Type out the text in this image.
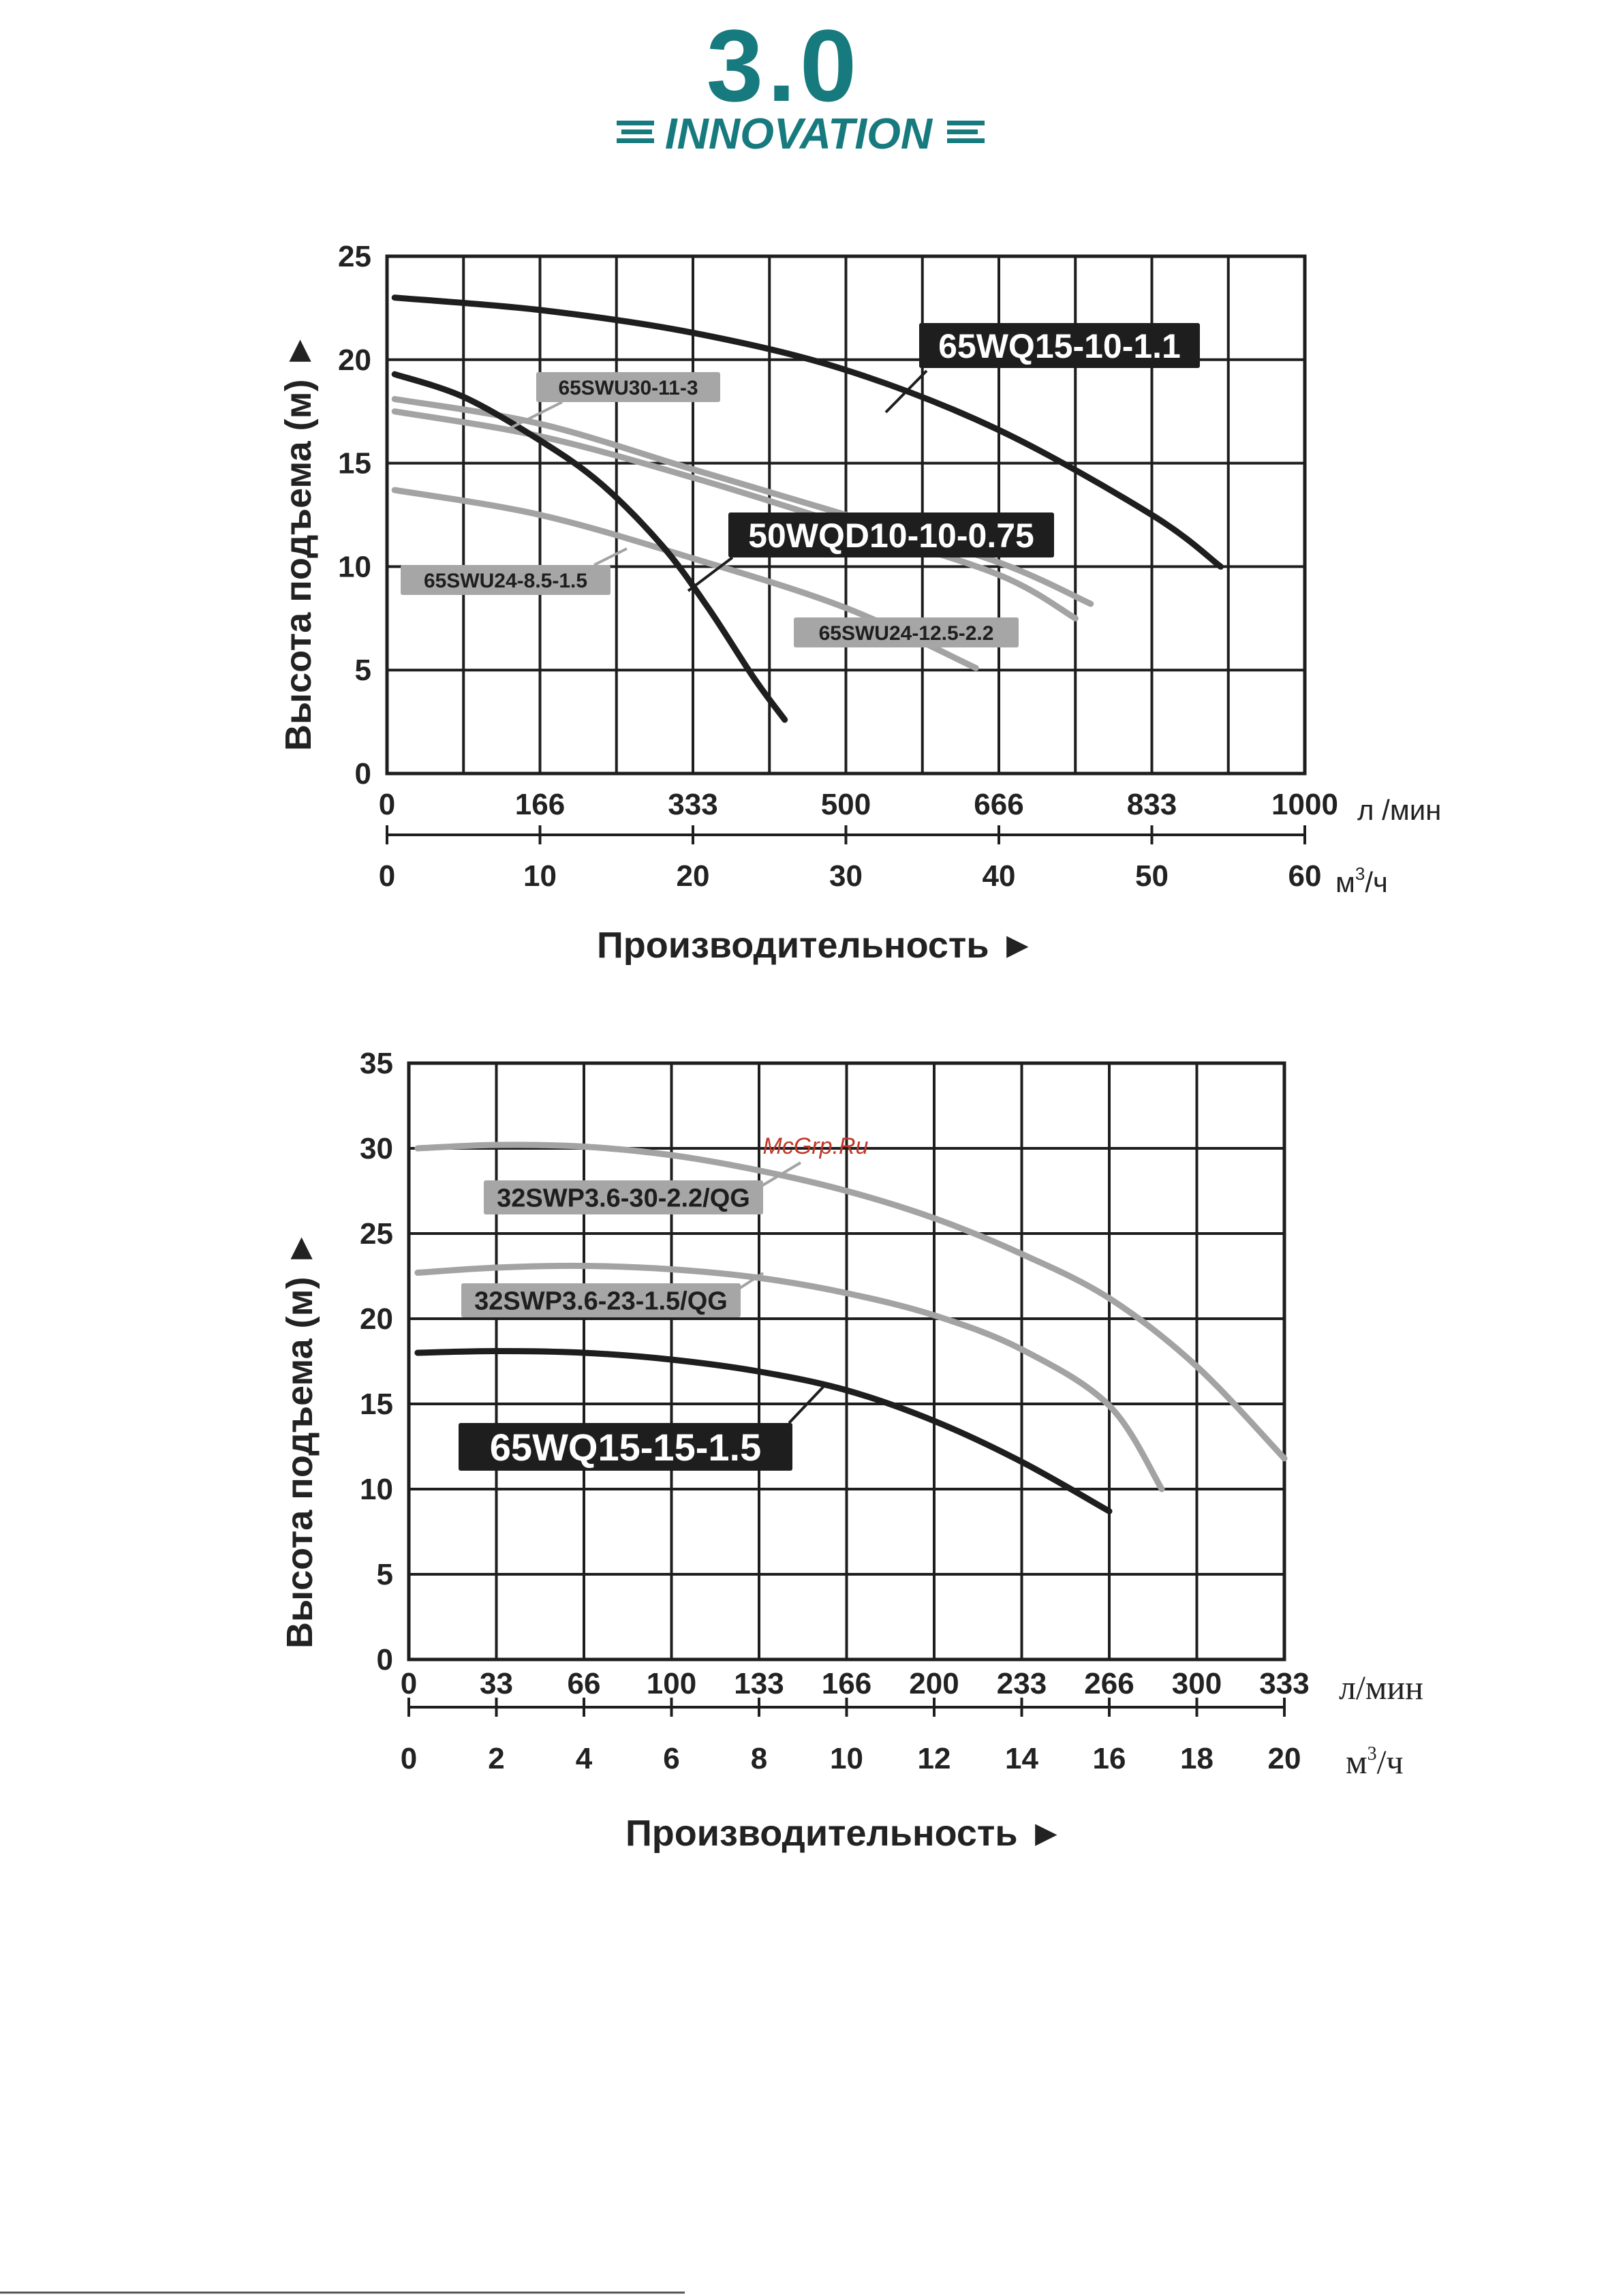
3.0
INNOVATION
65WQ15-10-1.1
50WQD10-10-0.75
65SWU30-11-3
65SWU24-12.5-2.2
65SWU24-8.5-1.5
0
5
10
15
20
25
0	166	333	500	666	833	1000
0	10	20	30	40	50	60
л /мин
$м^3/ч$
Производительность ►
Высота подъема (м) ►
32SWP3.6-30-2.2/QG
32SWP3.6-23-1.5/QG
65WQ15-15-1.5
0
5
10
15
20
25
30
35
0 33 66 100 133 166 200 233 266 300 333
0 2 4 6 8 10 12 14 16 18 20
л/мин
$м^3/ч$
Производительность ►
Высота подъема (м) ►
McGrp.Ru
